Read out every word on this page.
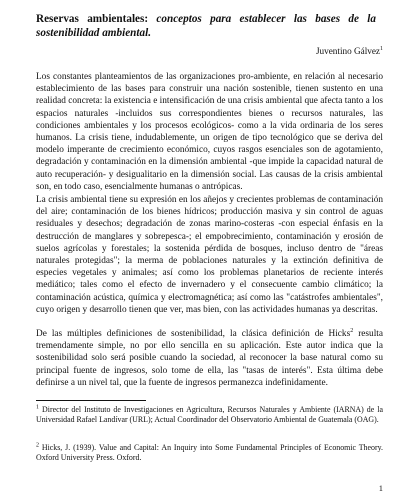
Reservas ambientales: conceptos para establecer las bases de la sostenibilidad ambiental.

Juventino Gálvez$^1$

Los constantes planteamientos de las organizaciones pro-ambiente, en relación al necesario establecimiento de las bases para construir una nación sostenible, tienen sustento en una realidad concreta: la existencia e intensificación de una crisis ambiental que afecta tanto a los espacios naturales -incluidos sus correspondientes bienes o recursos naturales, las condiciones ambientales y los procesos ecológicos- como a la vida ordinaria de los seres humanos. La crisis tiene, indudablemente, un origen de tipo tecnológico que se deriva del modelo imperante de crecimiento económico, cuyos rasgos esenciales son de agotamiento, degradación y contaminación en la dimensión ambiental -que impide la capacidad natural de auto recuperación- y desigualitario en la dimensión social. Las causas de la crisis ambiental son, en todo caso, esencialmente humanas o antrópicas.

La crisis ambiental tiene su expresión en los añejos y crecientes problemas de contaminación del aire; contaminación de los bienes hídricos; producción masiva y sin control de aguas residuales y desechos; degradación de zonas marino-costeras -con especial énfasis en la destrucción de manglares y sobrepesca-; el empobrecimiento, contaminación y erosión de suelos agrícolas y forestales; la sostenida pérdida de bosques, incluso dentro de "áreas naturales protegidas"; la merma de poblaciones naturales y la extinción definitiva de especies vegetales y animales; así como los problemas planetarios de reciente interés mediático; tales como el efecto de invernadero y el consecuente cambio climático; la contaminación acústica, química y electromagnética; así como las "catástrofes ambientales", cuyo origen y desarrollo tienen que ver, mas bien, con las actividades humanas ya descritas.

De las múltiples definiciones de sostenibilidad, la clásica definición de Hicks$^2$ resulta tremendamente simple, no por ello sencilla en su aplicación. Este autor indica que la sostenibilidad solo será posible cuando la sociedad, al reconocer la base natural como su principal fuente de ingresos, solo tome de ella, las "tasas de interés". Esta última debe definirse a un nivel tal, que la fuente de ingresos permanezca indefinidamente.

$^1$ Director del Instituto de Investigaciones en Agricultura, Recursos Naturales y Ambiente (IARNA) de la Universidad Rafael Landívar (URL); Actual Coordinador del Observatorio Ambiental de Guatemala (OAG).

$^2$ Hicks, J. (1939). Value and Capital: An Inquiry into Some Fundamental Principles of Economic Theory. Oxford University Press. Oxford.

1
